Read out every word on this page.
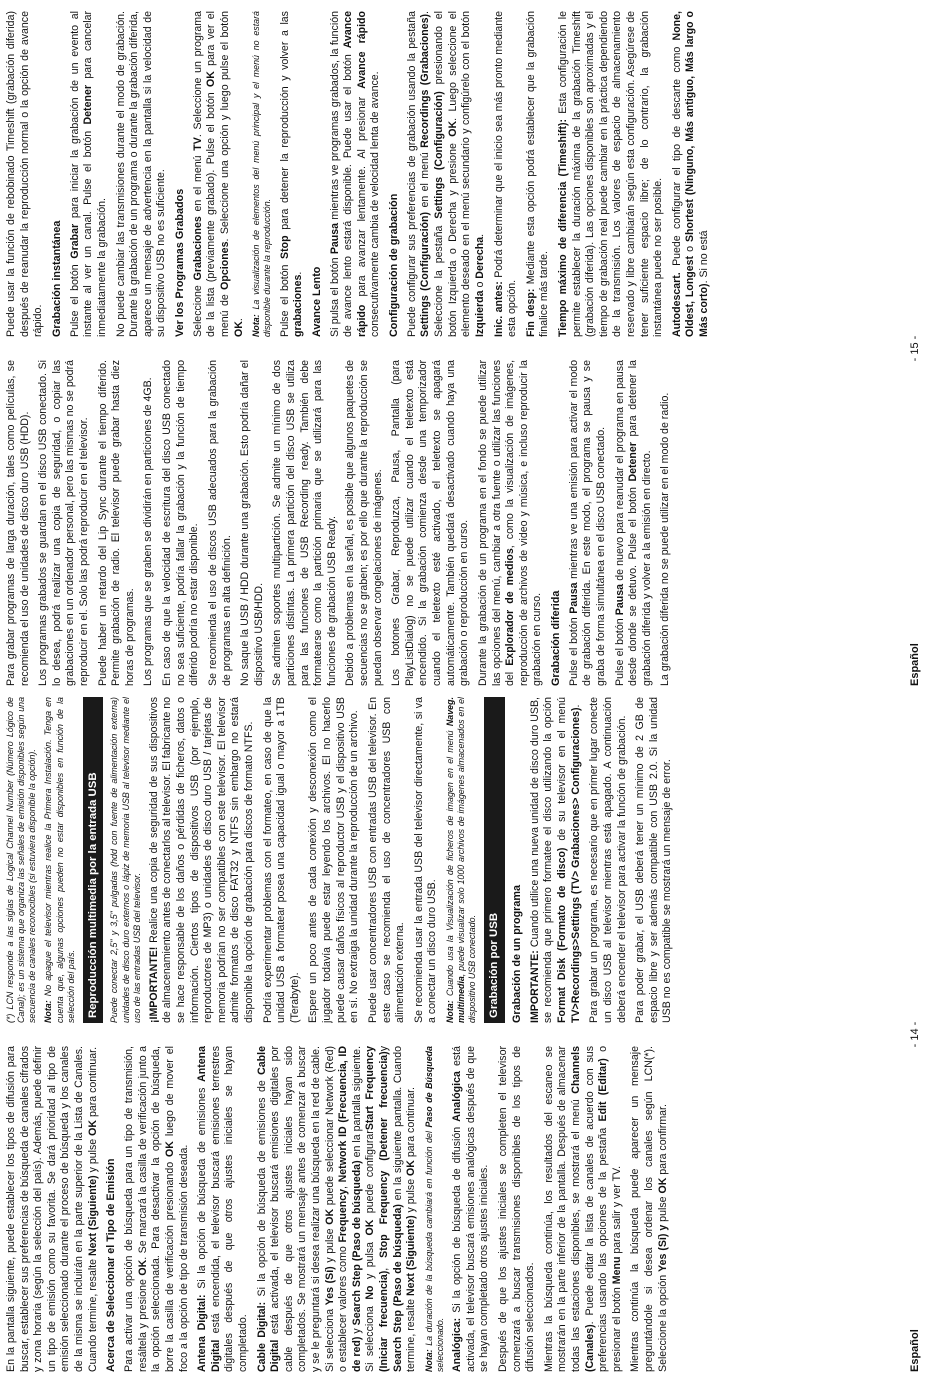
En la pantalla siguiente, puede establecer los tipos de difusión para buscar, establecer sus preferencias de búsqueda de canales cifrados y zona horaria (según la selección del país). Además, puede definir un tipo de emisión como su favorita. Se dará prioridad al tipo de emisión seleccionado durante el proceso de búsqueda y los canales de la misma se incluirán en la parte superior de la Lista de Canales. Cuando termine, resalte Next (Siguiente) y pulse OK para continuar.

Acerca de Seleccionar el Tipo de Emisión Para activar una opción de búsqueda para un tipo de transmisión, resáltela y presione OK. Se marcará la casilla de verificación junto a la opción seleccionada. Para desactivar la opción de búsqueda, borre la casilla de verificación presionando OK luego de mover el foco a la opción de tipo de transmisión deseada. Antena Digital: Si la opción de búsqueda de emisiones Antena Digital está encendida, el televisor buscará emisiones terrestres digitales después de que otros ajustes iniciales se hayan completado. Cable Digital: Si la opción de búsqueda de emisiones de Cable Digital está activada, el televisor buscará emisiones digitales por cable después de que otros ajustes iniciales hayan sido completados. Se mostrará un mensaje antes de comenzar a buscar y se le preguntará si desea realizar una búsqueda en la red de cable. Si selecciona Yes (Sí) y pulse OK puede seleccionar Network (Red) o establecer valores como Frequency, Network ID (Frecuencia, ID de red) y Search Step (Paso de búsqueda) en la pantalla siguiente. Si selecciona No y pulsa OK puede configurarStart Frequency (Iniciar frecuencia), Stop Frequency (Detener frecuencia)y Search Step (Paso de búsqueda) en la siguiente pantalla. Cuando termine, resalte Next (Siguiente) y pulse OK para continuar.

Nota: La duración de la búsqueda cambiará en función del Paso de Búsqueda seleccionado. Analógica: Si la opción de búsqueda de difusión Analógica está activada, el televisor buscará emisiones analógicas después de que se hayan completado otros ajustes iniciales. Después de que los ajustes iniciales se completen el televisor comenzará a buscar transmisiones disponibles de los tipos de difusión seleccionados. Mientras la búsqueda continúa, los resultados del escaneo se mostrarán en la parte inferior de la pantalla. Después de almacenar todas las estaciones disponibles, se mostrará el menú Channels (Canales). Puede editar la lista de canales de acuerdo con sus preferencias usando las opciones de la pestaña Edit (Editar) o presionar el botón Menu para salir y ver TV. Mientras continúa la búsqueda puede aparecer un mensaje preguntándole si desea ordenar los canales según LCN(*). Seleccione la opción Yes (Sí) y pulse OK para confirmar.

(*) LCN responde a las siglas de Logical Channel Number (Número Lógico de Canal); es un sistema que organiza las señales de emisión disponibles según una secuencia de canales reconocibles (si estuviera disponible la opción). Nota: No apague el televisor mientras realice la Primera Instalación. Tenga en cuenta que, algunas opciones pueden no estar disponibles en función de la selección del país. Reproducción multimedia por la entrada USB	Puede conectar 2,5" y 3,5" pulgadas (hdd con fuente de alimentación externa) unidades de disco duro externos o lápiz de memoria USB al televisor mediante el uso de las entradas USB del televisor. ¡IMPORTANTE! Realice una copia de seguridad de sus dispositivos de almacenamiento antes de conectarlos al televisor. El fabricante no se hace responsable de los daños o pérdidas de ficheros, datos o información. Ciertos tipos de dispositivos USB (por ejemplo, reproductores de MP3) o unidades de disco duro USB / tarjetas de memoria podrían no ser compatibles con este televisor. El televisor admite formatos de disco FAT32 y NTFS sin embargo no estará disponible la opción de grabación para discos de formato NTFS. Podría experimentar problemas con el formateo, en caso de que la unidad USB a formatear posea una capacidad igual o mayor a 1TB (Terabyte). Espere un poco antes de cada conexión y desconexión como el jugador todavía puede estar leyendo los archivos. El no hacerlo puede causar daños físicos al reproductor USB y el dispositivo USB en sí. No extraiga la unidad durante la reproducción de un archivo. Puede usar concentradores USB con entradas USB del televisor. En este caso se recomienda el uso de concentradores USB con alimentación externa. Se recomienda usar la entrada USB del televisor directamente, si va a conectar un disco duro USB. Nota: Cuando usa la Visualización de ficheros de imagen en el menú Naveg. multimedia, puede visualizar solo 1000 archivos de imágenes almacenados en el dispositivo USB conectado. Grabación por USB Grabación de un programa IMPORTANTE: Cuando utilice una nueva unidad de disco duro USB, se recomienda que primero formatee el disco utilizando la opción Format Disk (Formato de disco) de su televisor en el menú TV>Recordings>Settings (TV> Grabaciones> Configuraciones). Para grabar un programa, es necesario que en primer lugar conecte un disco USB al televisor mientras está apagado. A continuación deberá encender el televisor para activar la función de grabación. Para poder grabar, el USB deberá tener un mínimo de 2 GB de espacio libre y ser además compatible con USB 2.0. Si la unidad USB no es compatible se mostrará un mensaje de error.

Español
- 14 -

Para grabar programas de larga duración, tales como películas, se recomienda el uso de unidades de disco duro USB (HDD). Los programas grabados se guardan en el disco USB conectado. Si lo desea, podrá realizar una copia de seguridad, o copiar las grabaciones en un ordenador personal, pero las mismas no se podrá reproducir en el. Solo las podrá reproducir en el televisor. Puede haber un retardo del Lip Sync durante el tiempo diferido. Permite grabación de radio. El televisor puede grabar hasta diez horas de programas. Los programas que se graben se dividirán en particiones de 4GB. En caso de que la velocidad de escritura del disco USB conectado no sea suficiente, podría fallar la grabación y la función de tiempo diferido podría no estar disponible. Se recomienda el uso de discos USB adecuados para la grabación de programas en alta definición. No saque la USB / HDD durante una grabación. Esto podría dañar el dispositivo USB/HDD. Se admiten soportes multipartición. Se admite un mínimo de dos particiones distintas. La primera partición del disco USB se utiliza para las funciones de USB Recording ready. También debe formatearse como la partición primaria que se utilizará para las funciones de grabación USB Ready. Debido a problemas en la señal, es posible que algunos paquetes de secuencias no se graben; es por ello que durante la reproducción se puedan observar congelaciones de imágenes. Los botones Grabar, Reproduzca, Pausa, Pantalla (para PlayListDialog) no se puede utilizar cuando el teletexto está encendido. Si la grabación comienza desde una temporizador cuando el teletexto esté activado, el teletexto se apagará automáticamente. También quedará desactivado cuando haya una grabación o reproducción en curso. Durante la grabación de un programa en el fondo se puede utilizar las opciones del menú, cambiar a otra fuente o utilizar las funciones del Explorador de medios, como la visualización de imágenes, reproducción de archivos de video y música, e incluso reproducir la grabación en curso. Grabación diferida Pulse el botón Pausa mientras ve una emisión para activar el modo de grabación diferida. En este modo, el programa se pausa y se graba de forma simultánea en el disco USB conectado. Pulse el botón Pausa de nuevo para reanudar el programa en pausa desde donde se detuvo. Pulse el botón Detener para detener la grabación diferida y volver a la emisión en directo. La grabación diferida no se puede utilizar en el modo de radio.

Puede usar la función de rebobinado Timeshift (grabación diferida) después de reanudar la reproducción normal o la opción de avance rápido. Grabación instantánea Pulse el botón Grabar para iniciar la grabación de un evento al instante al ver un canal. Pulse el botón Detener para cancelar inmediatamente la grabación. No puede cambiar las transmisiones durante el modo de grabación. Durante la grabación de un programa o durante la grabación diferida, aparece un mensaje de advertencia en la pantalla si la velocidad de su dispositivo USB no es suficiente. Ver los Programas Grabados Seleccione Grabaciones en el menú TV. Seleccione un programa de la lista (previamente grabado). Pulse el botón OK para ver el menú de Opciones. Seleccione una opción y luego pulse el botón OK. Nota: La visualización de elementos del menú principal y el menú no estará disponible durante la reproducción. Pulse el botón Stop para detener la reproducción y volver a las grabaciones. Avance Lento Si pulsa el botón Pausa mientras ve programas grabados, la función de avance lento estará disponible. Puede usar el botón Avance rápido para avanzar lentamente. Al presionar Avance rápido consecutivamente cambia de velocidad lenta de avance. Configuración de grabación Puede configurar sus preferencias de grabación usando la pestaña Settings (Configuración) en el menú Recordings (Grabaciones). Seleccione la pestaña Settings (Configuración) presionando el botón Izquierda o Derecha y presione OK. Luego seleccione el elemento deseado en el menú secundario y configúrelo con el botón Izquierda o Derecha.

Inic. antes: Podrá determinar que el inicio sea más pronto mediante esta opción. Fin desp: Mediante esta opción podrá establecer que la grabación finalice más tarde. Tiempo máximo de diferencia (Timeshift): Esta configuración le permite establecer la duración máxima de la grabación Timeshift (grabación diferida). Las opciones disponibles son aproximadas y el tiempo de grabación real puede cambiar en la práctica dependiendo de la transmisión. Los valores de espacio de almacenamiento reservado y libre cambiarán según esta configuración. Asegúrese de tener suficiente espacio libre; de lo contrario, la grabación instantánea puede no ser posible. Autodescart. Puede configurar el tipo de descarte como None, Oldest, Longest o Shortest (Ninguno, Más antiguo, Más largo o Más corto). Si no está

Español
- 15 -
